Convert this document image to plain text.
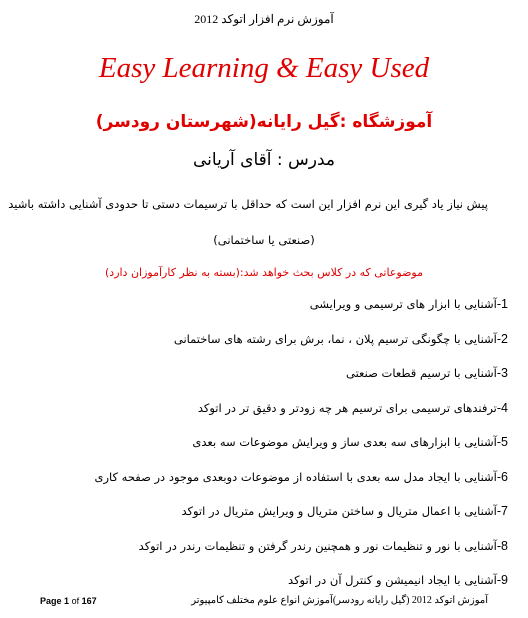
آموزش نرم افزار اتوکد 2012
Easy Learning & Easy Used
آموزشگاه :گیل رایانه(شهرستان رودسر)
مدرس : آقای آریانی
پیش نیاز یاد گیری این نرم افزار این است که حداقل با ترسیمات دستی تا حدودی آشنایی داشته باشید
(صنعتی یا ساختمانی)
موضوعاتی که در کلاس بحث خواهد شد:(بسته به نظر کارآموزان دارد)
1-آشنایی با ابزار های ترسیمی و ویرایشی
2-آشنایی با چگونگی ترسیم پلان ، نما، برش برای رشته های ساختمانی
3-آشنایی با ترسیم قطعات صنعتی
4-ترفندهای ترسیمی برای ترسیم هر چه زودتر و دقیق تر در اتوکد
5-آشنایی با ابزارهای سه بعدی ساز و ویرایش موضوعات سه بعدی
6-آشنایی با ایجاد مدل سه بعدی با استفاده از موضوعات دوبعدی موجود در صفحه کاری
7-آشنایی با اعمال متریال و ساختن متریال و ویرایش متریال در اتوکد
8-آشنایی با نور و تنظیمات نور و همچنین رندر گرفتن و تنظیمات رندر در اتوکد
9-آشنایی با ایجاد انیمیشن و کنترل آن در اتوکد
Page 1 of 167	آموزش اتوکد 2012 (گیل رایانه رودسر)آموزش انواع علوم مختلف کامپیوتر
